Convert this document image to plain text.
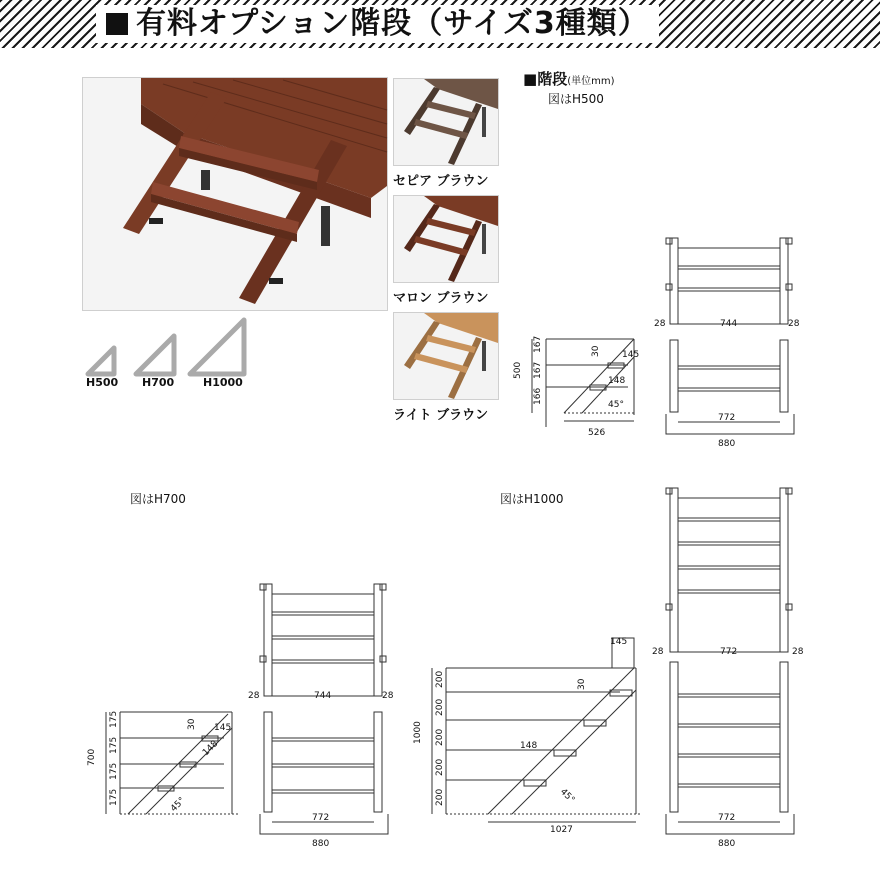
有料オプション階段（サイズ3種類）
セピア ブラウン
マロン ブラウン
ライト ブラウン
H500 H700	H1000
■階段(単位mm)
図はH500
図はH700	図はH1000
28	744	28
500
167
167
166
30 145
148
45°
526
772
880
28	744	28
700
175
175
175
175
30 145
148
45°
772
880
28	772	28
1000
200
200
200
200
200
30
145
148
45°
1027
772
880
